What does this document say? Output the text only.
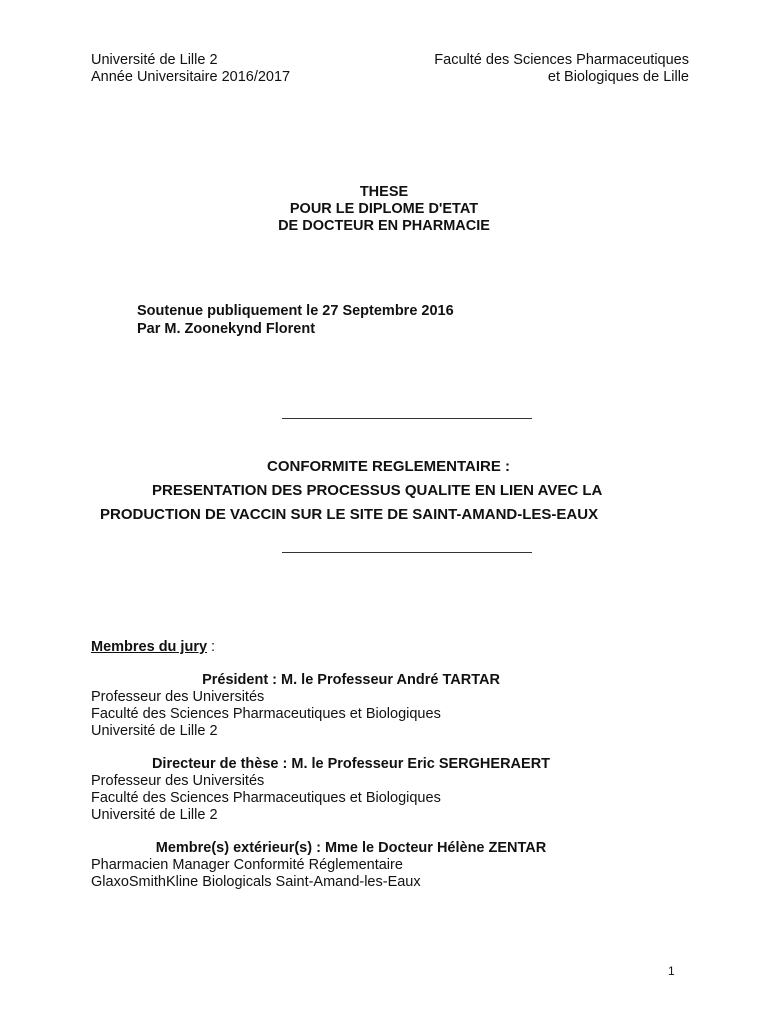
Université de Lille 2
Année Universitaire 2016/2017
Faculté des Sciences Pharmaceutiques
et Biologiques de Lille
THESE
POUR LE DIPLOME D'ETAT
DE DOCTEUR EN PHARMACIE
Soutenue publiquement le 27 Septembre 2016
Par M. Zoonekynd Florent
CONFORMITE REGLEMENTAIRE :
PRESENTATION DES PROCESSUS QUALITE EN LIEN AVEC LA
PRODUCTION DE VACCIN SUR LE SITE DE SAINT-AMAND-LES-EAUX
Membres du jury :
Président : M. le Professeur André TARTAR
Professeur des Universités
Faculté des Sciences Pharmaceutiques et Biologiques
Université de Lille 2
Directeur de thèse : M. le Professeur Eric SERGHERAERT
Professeur des Universités
Faculté des Sciences Pharmaceutiques et Biologiques
Université de Lille 2
Membre(s) extérieur(s) : Mme le Docteur Hélène ZENTAR
Pharmacien Manager Conformité Réglementaire
GlaxoSmithKline Biologicals Saint-Amand-les-Eaux
1
